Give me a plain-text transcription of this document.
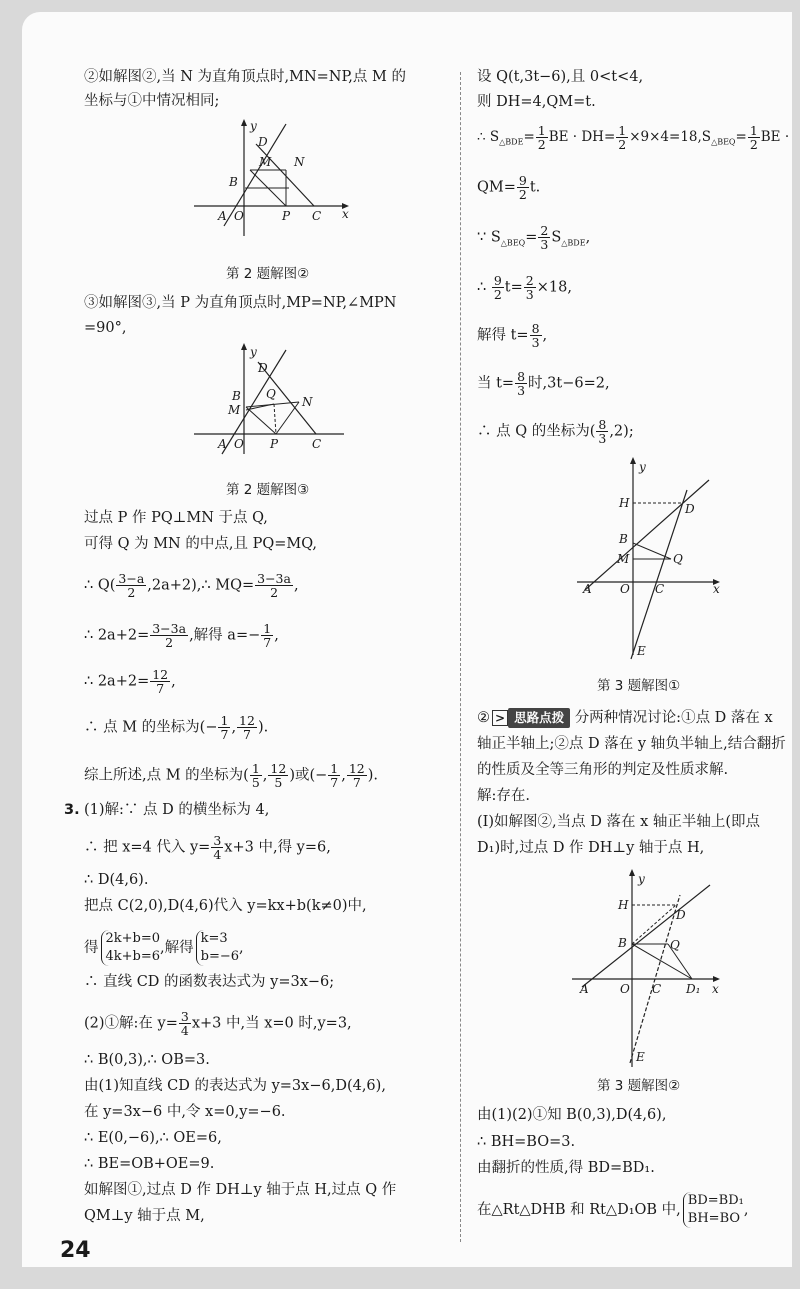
②如解图②,当 N 为直角顶点时,MN=NP,点 M 的
坐标与①中情况相同;
y
D
M N
B
A O	P C x
第 2 题解图②
③如解图③,当 P 为直角顶点时,MP=NP,∠MPN
=90°,
y
D
B Q
M
N
A O P	C
第 2 题解图③
过点 P 作 PQ⊥MN 于点 Q,
可得 Q 为 MN 的中点,且 PQ=MQ,
∴ $Q( \frac{3-a}{2}$ ,2a+2),∴ $MQ= \frac{3-3a}{2}$ ,
∴ $2a+2= \frac{3-3a}{2}$ ,解得 $a=- \frac{1}{7}$ ,
∴ $2a+2= \frac{12}{7}$ ,
∴ 点 M 的坐标为(− $\frac{1}{7}$ , $\frac{12}{7}$ ).
综上所述,点 M 的坐标为( $\frac{1}{5}$ , $\frac{12}{5}$ )或(− $\frac{1}{7}$ , $\frac{12}{7}$ ).
3. (1)解:∵ 点 D 的横坐标为 4,
∴ 把 x=4 代入 $y= \frac{3}{4} x+3$ 中,得 y=6,
∴ D(4,6).
把点 C(2,0),D(4,6)代入 y=kx+b(k≠0)中,
得
2k+b=0
4k+b=6
,解得
k=3
b=−6
,
∴ 直线 CD 的函数表达式为 y=3x−6;
(2)①解:在 $y= \frac{3}{4} x+3$ 中,当 x=0 时,y=3,
∴ B(0,3),∴ OB=3.
由(1)知直线 CD 的表达式为 y=3x−6,D(4,6),
在 y=3x−6 中,令 x=0,y=−6.
∴ E(0,−6),∴ OE=6,
∴ BE=OB+OE=9.
如解图①,过点 D 作 DH⊥y 轴于点 H,过点 Q 作
QM⊥y 轴于点 M,
设 Q(t,3t−6),且 0<t<4,
则 DH=4,QM=t.
∴ $S_{\triangle BDE}= \frac{1}{2}$ BE · $DH= \frac{1}{2} \times 9\times 4=18,S_{\triangle BEQ}= \frac{1}{2}$ BE ·
$QM= \frac{9}{2} t$.
∵ $S_{\triangle BEQ}= \frac{2}{3} S_{\triangle BDE}$,
∴ $\frac{9}{2} t= \frac{2}{3} \times 18$,
解得 $t= \frac{8}{3}$ ,
当 $t= \frac{8}{3}$ 时,3t−6=2,
∴ 点 Q 的坐标为( $\frac{8}{3} ,2$);
y
H	D
B
M	Q
A O C	x
E
第 3 题解图①
② > 思路点拨 分两种情况讨论:①点 D 落在 x
轴正半轴上;②点 D 落在 y 轴负半轴上,结合翻折
的性质及全等三角形的判定及性质求解.
解:存在.
(Ⅰ)如解图②,当点 D 落在 x 轴正半轴上(即点
D₁)时,过点 D 作 DH⊥y 轴于点 H,
y
H
D
B	Q
A	O C D₁ x
E
第 3 题解图②
由(1)(2)①知 B(0,3),D(4,6),
∴ BH=BO=3.
由翻折的性质,得 BD=BD₁.
在△Rt△DHB 和 Rt△D₁OB 中,
BD=BD₁
BH=BO
,
24
